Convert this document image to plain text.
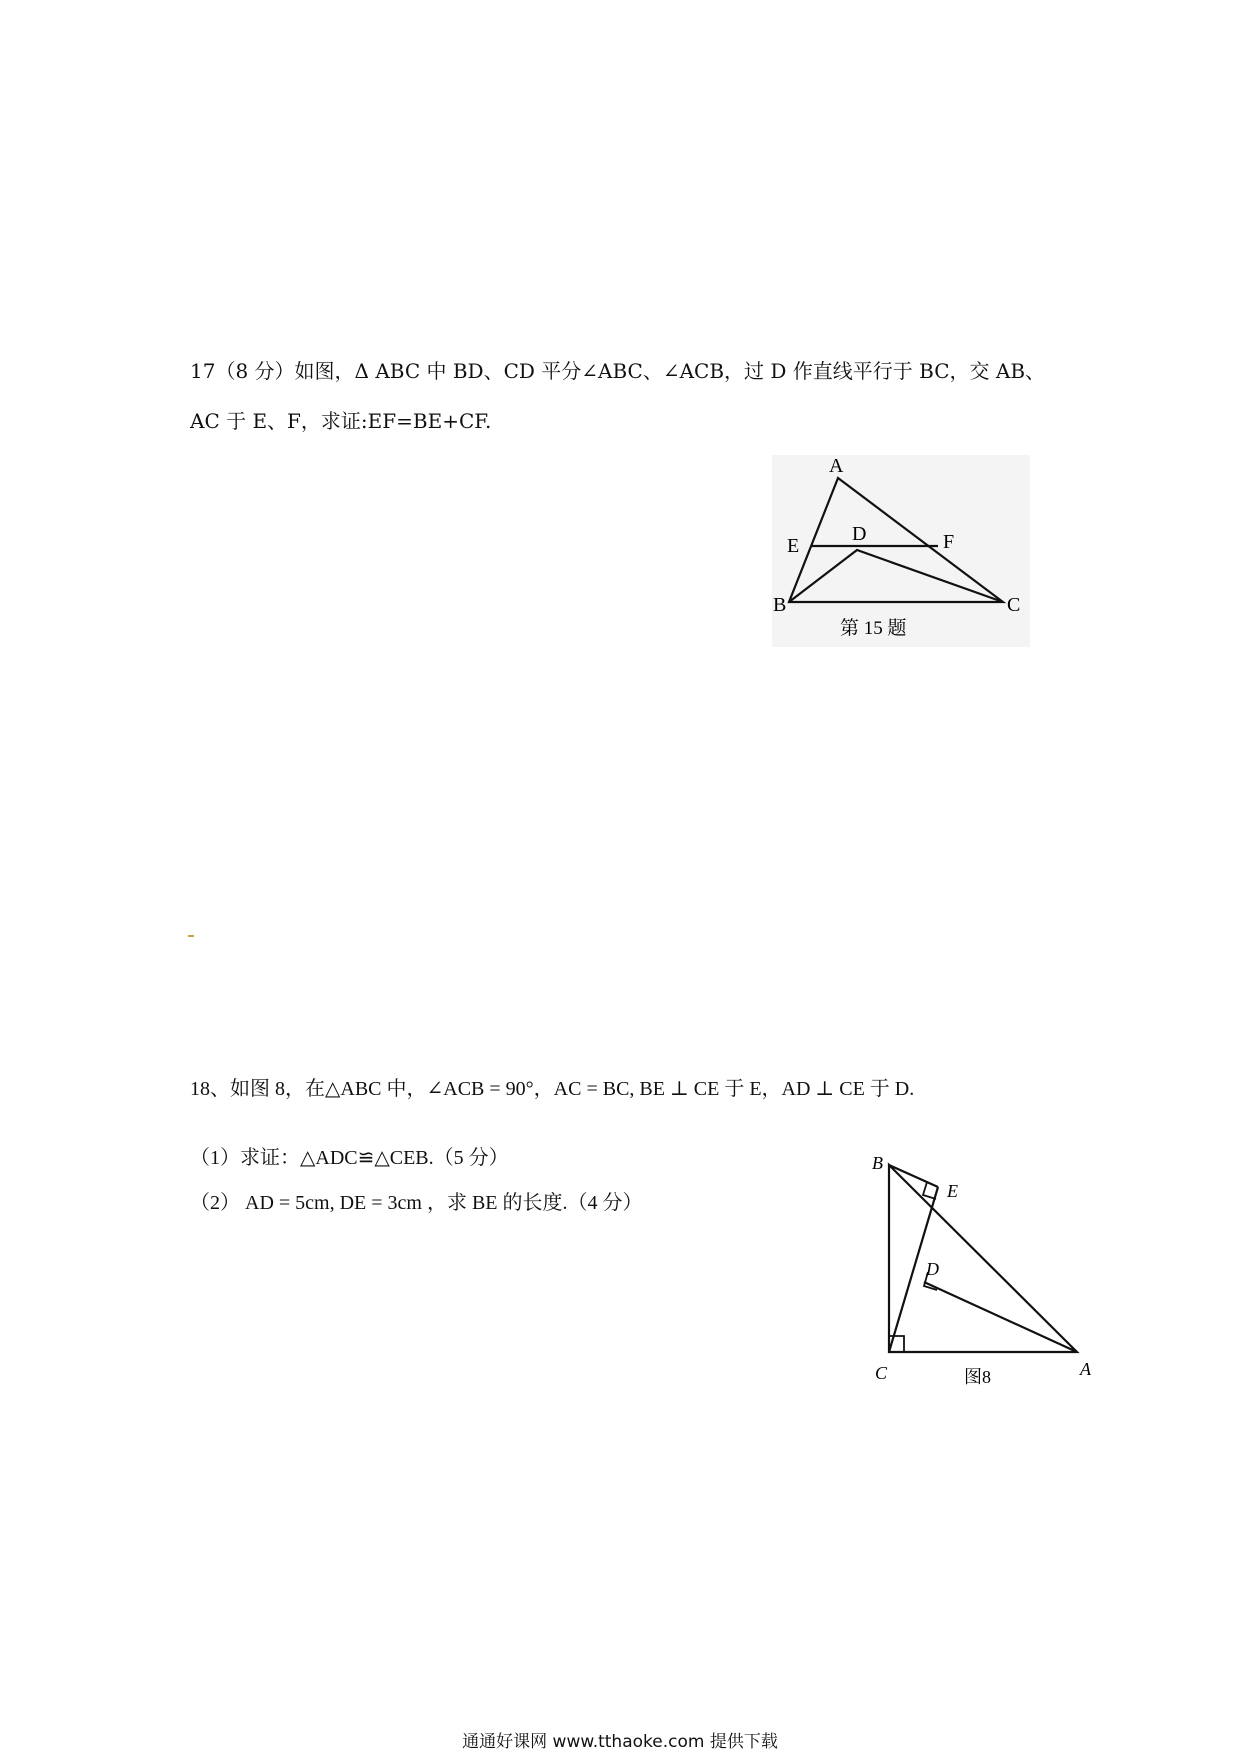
17（8 分）如图，Δ ABC 中 BD、CD 平分∠ABC、∠ACB，过 D 作直线平行于 BC，交 AB、
AC 于 E、F，求证:EF=BE+CF.
A
E
D	F
B	C
第 15 题
18、如图 8，在△ABC 中，∠ACB = 90°，AC = BC, BE ⊥ CE 于 E，AD ⊥ CE 于 D.
（1）求证：△ADC≌△CEB.（5 分）
（2） AD = 5cm, DE = 3cm ，求 BE 的长度.（4 分）
B
E
D
C	A
图8
通通好课网 www.tthaoke.com 提供下载
